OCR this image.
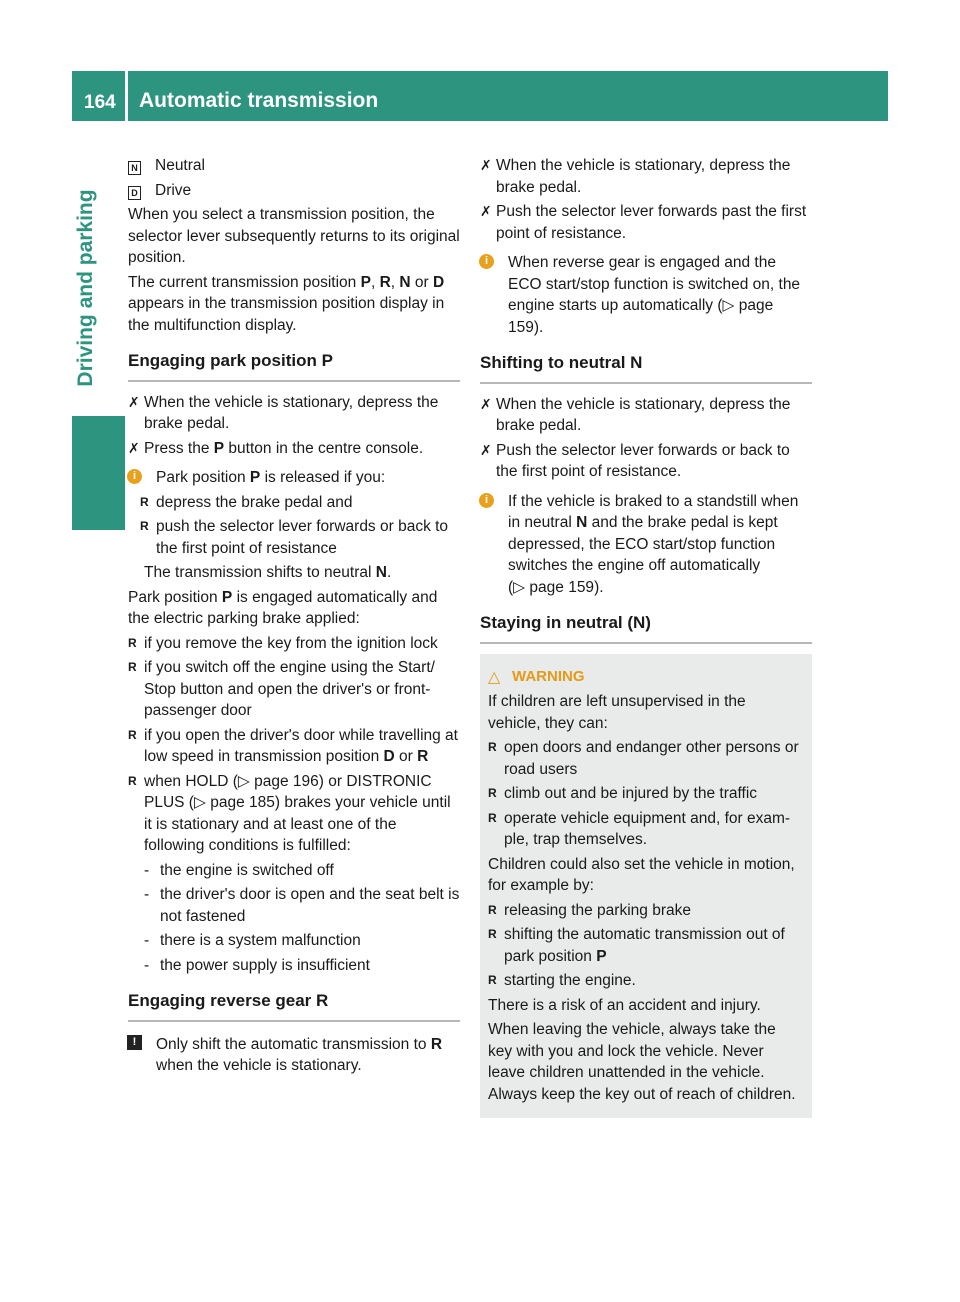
164 Automatic transmission
Driving and parking

N Neutral

D Drive

When you select a transmission position, the selector lever subsequently returns to its original position.

The current transmission position P, R, N or D appears in the transmission position display in the multifunction display.

Engaging park position P
✗ When the vehicle is stationary, depress the brake pedal.
✗ Press the P button in the centre console.
i	Park position P is released if you:
R depress the brake pedal and
R push the selector lever forwards or back to the first point of resistance
The transmission shifts to neutral N.

Park position P is engaged automatically and the electric parking brake applied:

R if you remove the key from the ignition lock
R if you switch off the engine using the Start/ Stop button and open the driver's or front-passenger door
R if you open the driver's door while travelling at low speed in transmission position D or R
R when HOLD (▷ page 196) or DISTRONIC PLUS (▷ page 185) brakes your vehicle until it is stationary and at least one of the following conditions is fulfilled:
- the engine is switched off
- the driver's door is open and the seat belt is not fastened
- there is a system malfunction
- the power supply is insufficient
Engaging reverse gear R
!	Only shift the automatic transmission to R when the vehicle is stationary.
✗ When the vehicle is stationary, depress the brake pedal.
✗ Push the selector lever forwards past the first point of resistance.
i	When reverse gear is engaged and the ECO start/stop function is switched on, the engine starts up automatically (▷ page 159).
Shifting to neutral N
✗ When the vehicle is stationary, depress the brake pedal.
✗ Push the selector lever forwards or back to the first point of resistance.
i	If the vehicle is braked to a standstill when in neutral N and the brake pedal is kept depressed, the ECO start/stop function switches the engine off automatically (▷ page 159).
Staying in neutral (N)
△ WARNING

If children are left unsupervised in the vehicle, they can:

R open doors and endanger other persons or road users
R climb out and be injured by the traffic
R operate vehicle equipment and, for exam-ple, trap themselves.

Children could also set the vehicle in motion, for example by:

R releasing the parking brake
R shifting the automatic transmission out of park position P
R starting the engine.

There is a risk of an accident and injury.

When leaving the vehicle, always take the key with you and lock the vehicle. Never leave children unattended in the vehicle. Always keep the key out of reach of children.
